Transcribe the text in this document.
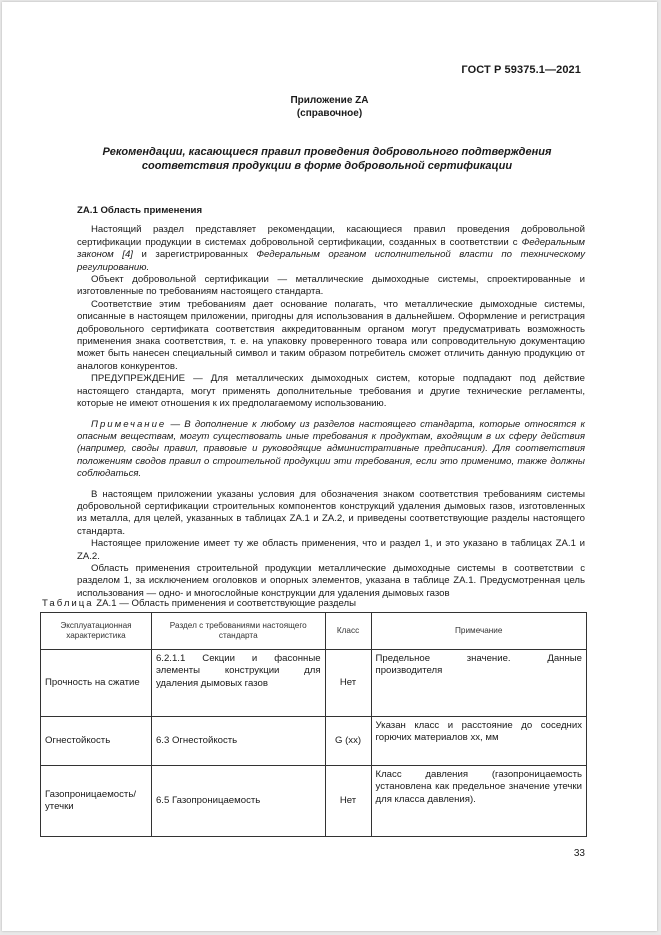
ГОСТ Р 59375.1—2021
Приложение ZA
(справочное)
Рекомендации, касающиеся правил проведения добровольного подтверждения соответствия продукции в форме добровольной сертификации

ZA.1 Область применения

Настоящий раздел представляет рекомендации, касающиеся правил проведения добровольной сертификации продукции в системах добровольной сертификации, созданных в соответствии с Федеральным законом [4] и зарегистрированных Федеральным органом исполнительной власти по техническому регулированию.

Объект добровольной сертификации — металлические дымоходные системы, спроектированные и изготовленные по требованиям настоящего стандарта.

Соответствие этим требованиям дает основание полагать, что металлические дымоходные системы, описанные в настоящем приложении, пригодны для использования в дальнейшем. Оформление и регистрация добровольного сертификата соответствия аккредитованным органом могут предусматривать возможность применения знака соответствия, т. е. на упаковку проверенного товара или сопроводительную документацию может быть нанесен специальный символ и таким образом потребитель сможет отличить данную продукцию от аналогов конкурентов.

ПРЕДУПРЕЖДЕНИЕ — Для металлических дымоходных систем, которые подпадают под действие настоящего стандарта, могут применять дополнительные требования и другие технические регламенты, которые не имеют отношения к их предполагаемому использованию.

Примечание — В дополнение к любому из разделов настоящего стандарта, которые относятся к опасным веществам, могут существовать иные требования к продуктам, входящим в их сферу действия (например, своды правил, правовые и руководящие административные предписания). Для соответствия положениям сводов правил о строительной продукции эти требования, если это применимо, также должны соблюдаться.

В настоящем приложении указаны условия для обозначения знаком соответствия требованиям системы добровольной сертификации строительных компонентов конструкций удаления дымовых газов, изготовленных из металла, для целей, указанных в таблицах ZA.1 и ZA.2, и приведены соответствующие разделы настоящего стандарта.

Настоящее приложение имеет ту же область применения, что и раздел 1, и это указано в таблицах ZA.1 и ZA.2.

Область применения строительной продукции металлические дымоходные системы в соответствии с разделом 1, за исключением оголовков и опорных элементов, указана в таблице ZA.1. Предусмотренная цель использования — одно- и многослойные конструкции для удаления дымовых газов

Таблица ZA.1 — Область применения и соответствующие разделы
Эксплуатационная характеристика	Раздел с требованиями настоящего стандарта	Класс	Примечание
Прочность на сжатие	6.2.1.1 Секции и фасонные элементы конструкции для удаления дымовых газов	Нет	Предельное значение. Данные производителя
Огнестойкость	6.3 Огнестойкость	G (хх)	Указан класс и расстояние до соседних горючих материалов хх, мм
Газопроницаемость/ утечки	6.5 Газопроницаемость	Нет	Класс давления (газопроницаемость установлена как предельное значение утечки для класса давления).
33
